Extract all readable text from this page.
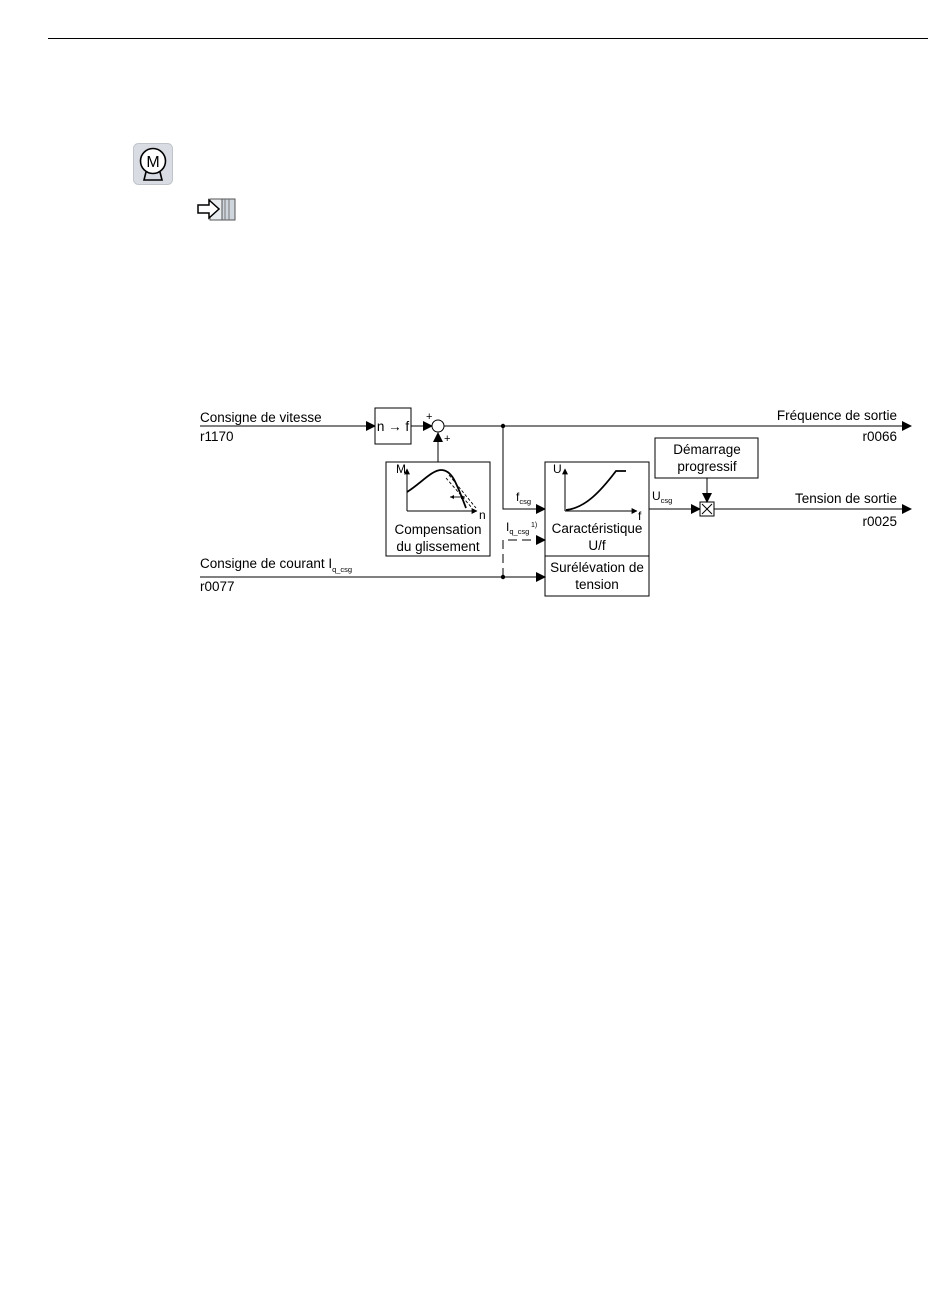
M
Consigne de vitesse
r1170
n → f
+
+
Fréquence de sortie
r0066
$f_{csg}$
M
n
Compensation
du glissement
U
f
Caractéristique
U/f
Surélévation de
tension
Consigne de courant $I_{q\_csg}$
r0077
$I_{q\_csg}$
1)
$U_{csg}$
Démarrage
progressif
Tension de sortie
r0025
